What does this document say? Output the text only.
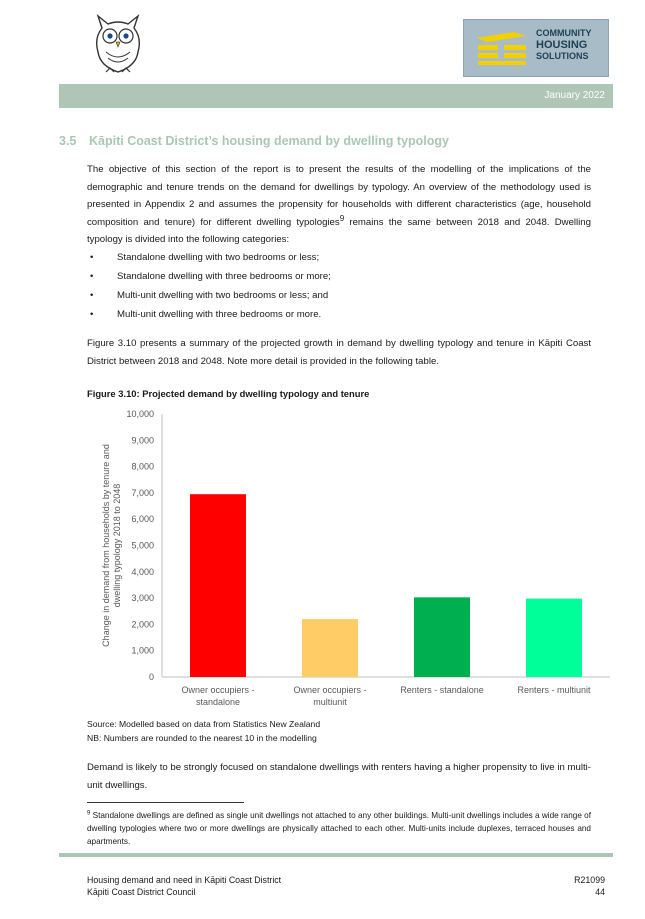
COMMUNITY
HOUSING
SOLUTIONS
January 2022
3.5 Kāpiti Coast District’s housing demand by dwelling typology

The objective of this section of the report is to present the results of the modelling of the implications of the demographic and tenure trends on the demand for dwellings by typology. An overview of the methodology used is presented in Appendix 2 and assumes the propensity for households with different characteristics (age, household composition and tenure) for different dwelling typologies$^9$ remains the same between 2018 and 2048. Dwelling typology is divided into the following categories:

• Standalone dwelling with two bedrooms or less;
• Standalone dwelling with three bedrooms or more;
• Multi-unit dwelling with two bedrooms or less; and
• Multi-unit dwelling with three bedrooms or more.

Figure 3.10 presents a summary of the projected growth in demand by dwelling typology and tenure in Kāpiti Coast District between 2018 and 2048. Note more detail is provided in the following table.

Figure 3.10: Projected demand by dwelling typology and tenure
0
1,000
2,000
3,000
4,000
5,000
6,000
7,000
8,000
9,000
10,000
Change in demand from households by tenure anddwelling typology 2018 to 2048
Owner occupiers -standalone
Owner occupiers -multiunit
Renters - standalone	Renters - multiunit
Source: Modelled based on data from Statistics New Zealand
NB: Numbers are rounded to the nearest 10 in the modelling

Demand is likely to be strongly focused on standalone dwellings with renters having a higher propensity to live in multi-unit dwellings.

$^9$ Standalone dwellings are defined as single unit dwellings not attached to any other buildings. Multi-unit dwellings includes a wide range of dwelling typologies where two or more dwellings are physically attached to each other. Multi-units include duplexes, terraced houses and apartments.
Housing demand and need in Kāpiti Coast District
Kāpiti Coast District Council
R21099
44
